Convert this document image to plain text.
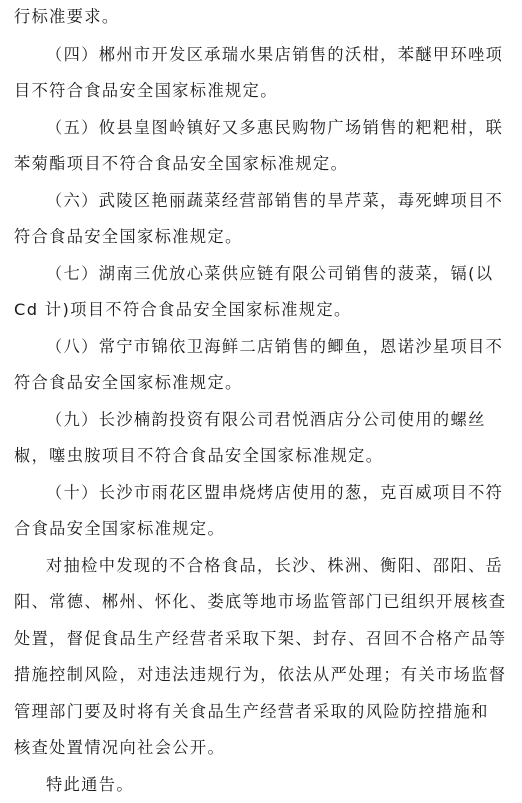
行标准要求。
（四）郴州市开发区承瑞水果店销售的沃柑，苯醚甲环唑项
目不符合食品安全国家标准规定。
（五）攸县皇图岭镇好又多惠民购物广场销售的粑粑柑，联
苯菊酯项目不符合食品安全国家标准规定。
（六）武陵区艳丽蔬菜经营部销售的旱芹菜，毒死蜱项目不
符合食品安全国家标准规定。
（七）湖南三优放心菜供应链有限公司销售的菠菜，镉(以
Cd 计)项目不符合食品安全国家标准规定。
（八）常宁市锦依卫海鲜二店销售的鲫鱼，恩诺沙星项目不
符合食品安全国家标准规定。
（九）长沙楠韵投资有限公司君悦酒店分公司使用的螺丝
椒，噻虫胺项目不符合食品安全国家标准规定。
（十）长沙市雨花区盟串烧烤店使用的葱，克百威项目不符
合食品安全国家标准规定。
对抽检中发现的不合格食品，长沙、株洲、衡阳、邵阳、岳
阳、常德、郴州、怀化、娄底等地市场监管部门已组织开展核查
处置，督促食品生产经营者采取下架、封存、召回不合格产品等
措施控制风险，对违法违规行为，依法从严处理；有关市场监督
管理部门要及时将有关食品生产经营者采取的风险防控措施和
核查处置情况向社会公开。
特此通告。
